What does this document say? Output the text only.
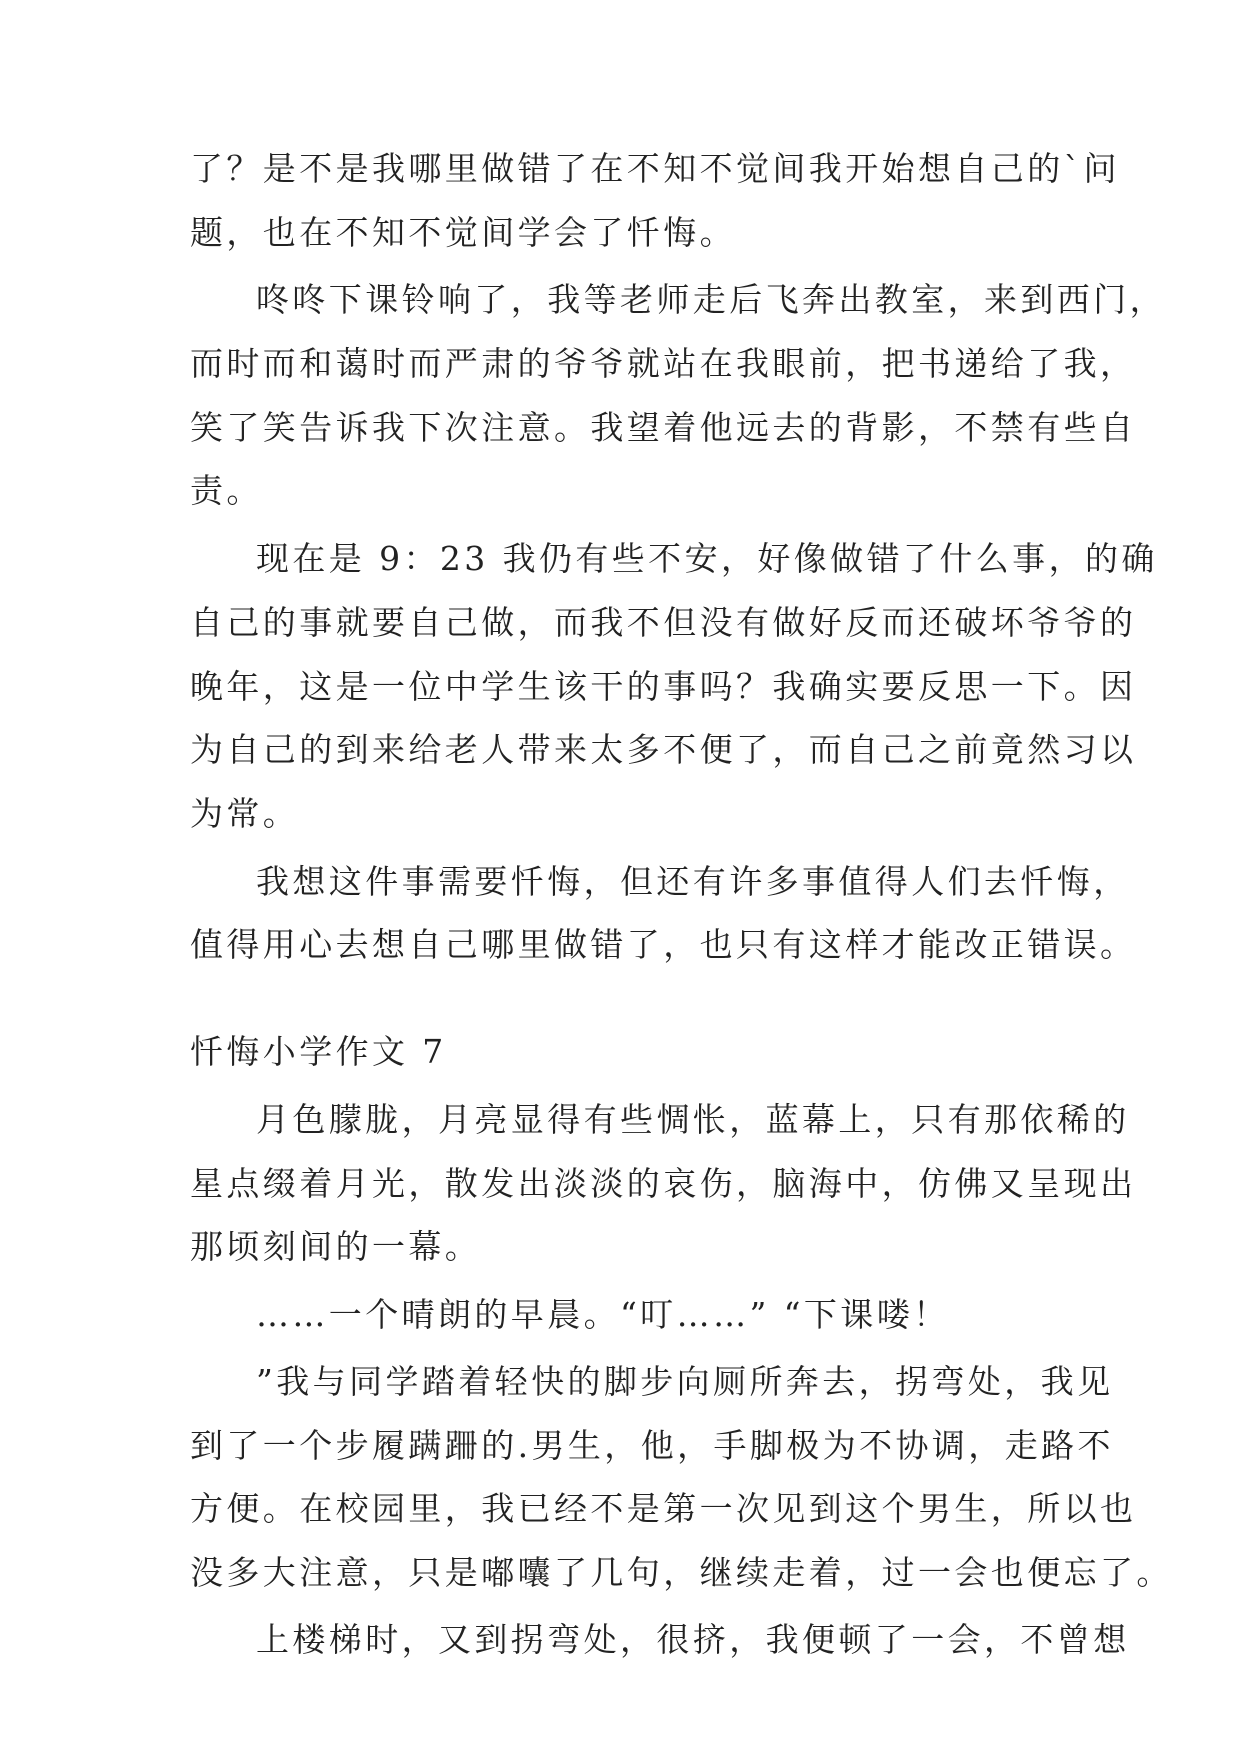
了？是不是我哪里做错了在不知不觉间我开始想自己的`问
题，也在不知不觉间学会了忏悔。
咚咚下课铃响了，我等老师走后飞奔出教室，来到西门，
而时而和蔼时而严肃的爷爷就站在我眼前，把书递给了我，
笑了笑告诉我下次注意。我望着他远去的背影，不禁有些自
责。
现在是 9：23 我仍有些不安，好像做错了什么事，的确
自己的事就要自己做，而我不但没有做好反而还破坏爷爷的
晚年，这是一位中学生该干的事吗？我确实要反思一下。因
为自己的到来给老人带来太多不便了，而自己之前竟然习以
为常。
我想这件事需要忏悔，但还有许多事值得人们去忏悔，
值得用心去想自己哪里做错了，也只有这样才能改正错误。
忏悔小学作文 7
月色朦胧，月亮显得有些惆怅，蓝幕上，只有那依稀的
星点缀着月光，散发出淡淡的哀伤，脑海中，仿佛又呈现出
那顷刻间的一幕。
……一个晴朗的早晨。“叮……” “下课喽！
”我与同学踏着轻快的脚步向厕所奔去，拐弯处，我见
到了一个步履蹒跚的.男生，他，手脚极为不协调，走路不
方便。在校园里，我已经不是第一次见到这个男生，所以也
没多大注意，只是嘟囔了几句，继续走着，过一会也便忘了。
上楼梯时，又到拐弯处，很挤，我便顿了一会，不曾想
